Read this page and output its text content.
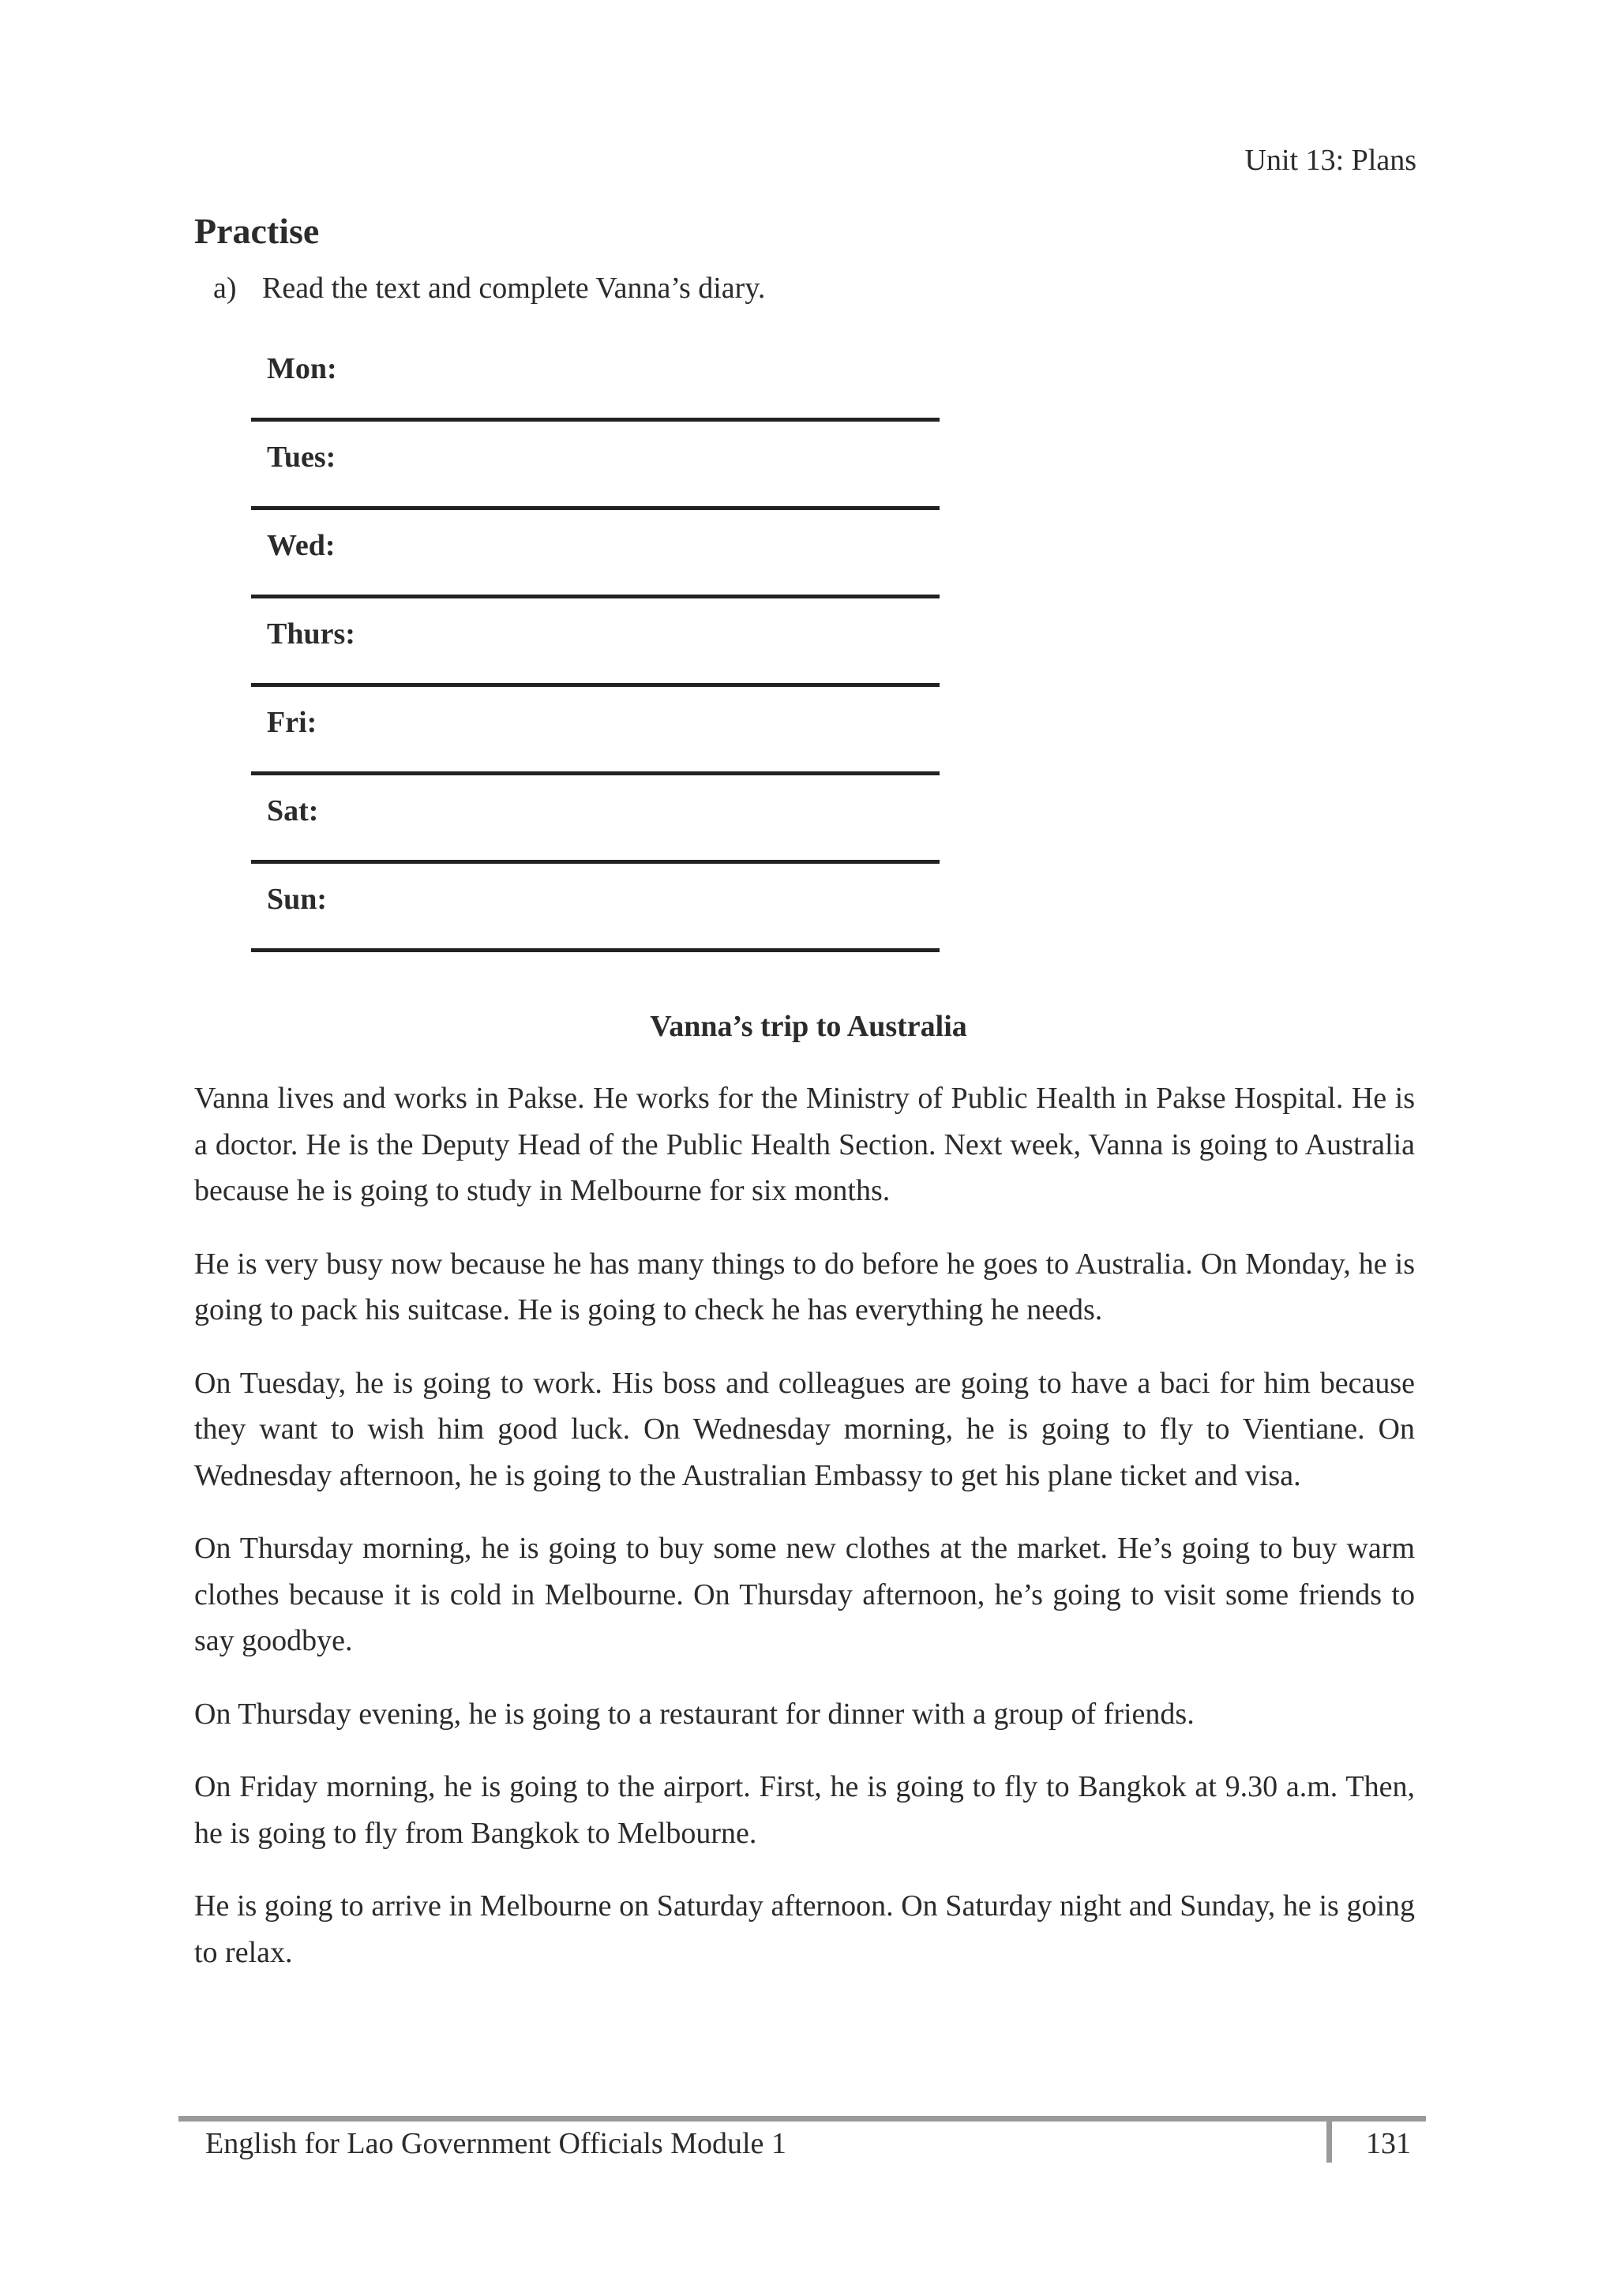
Unit 13: Plans
Practise
a) Read the text and complete Vanna’s diary.
Mon:
Tues:
Wed:
Thurs:
Fri:
Sat:
Sun:
Vanna’s trip to Australia

Vanna lives and works in Pakse. He works for the Ministry of Public Health in Pakse Hospital. He is a doctor. He is the Deputy Head of the Public Health Section. Next week, Vanna is going to Australia because he is going to study in Melbourne for six months.

He is very busy now because he has many things to do before he goes to Australia. On Monday, he is going to pack his suitcase. He is going to check he has everything he needs.

On Tuesday, he is going to work. His boss and colleagues are going to have a baci for him because they want to wish him good luck. On Wednesday morning, he is going to fly to Vientiane. On Wednesday afternoon, he is going to the Australian Embassy to get his plane ticket and visa.

On Thursday morning, he is going to buy some new clothes at the market. He’s going to buy warm clothes because it is cold in Melbourne. On Thursday afternoon, he’s going to visit some friends to say goodbye.

On Thursday evening, he is going to a restaurant for dinner with a group of friends.

On Friday morning, he is going to the airport. First, he is going to fly to Bangkok at 9.30 a.m. Then, he is going to fly from Bangkok to Melbourne.

He is going to arrive in Melbourne on Saturday afternoon. On Saturday night and Sunday, he is going to relax.

English for Lao Government Officials Module 1	131
